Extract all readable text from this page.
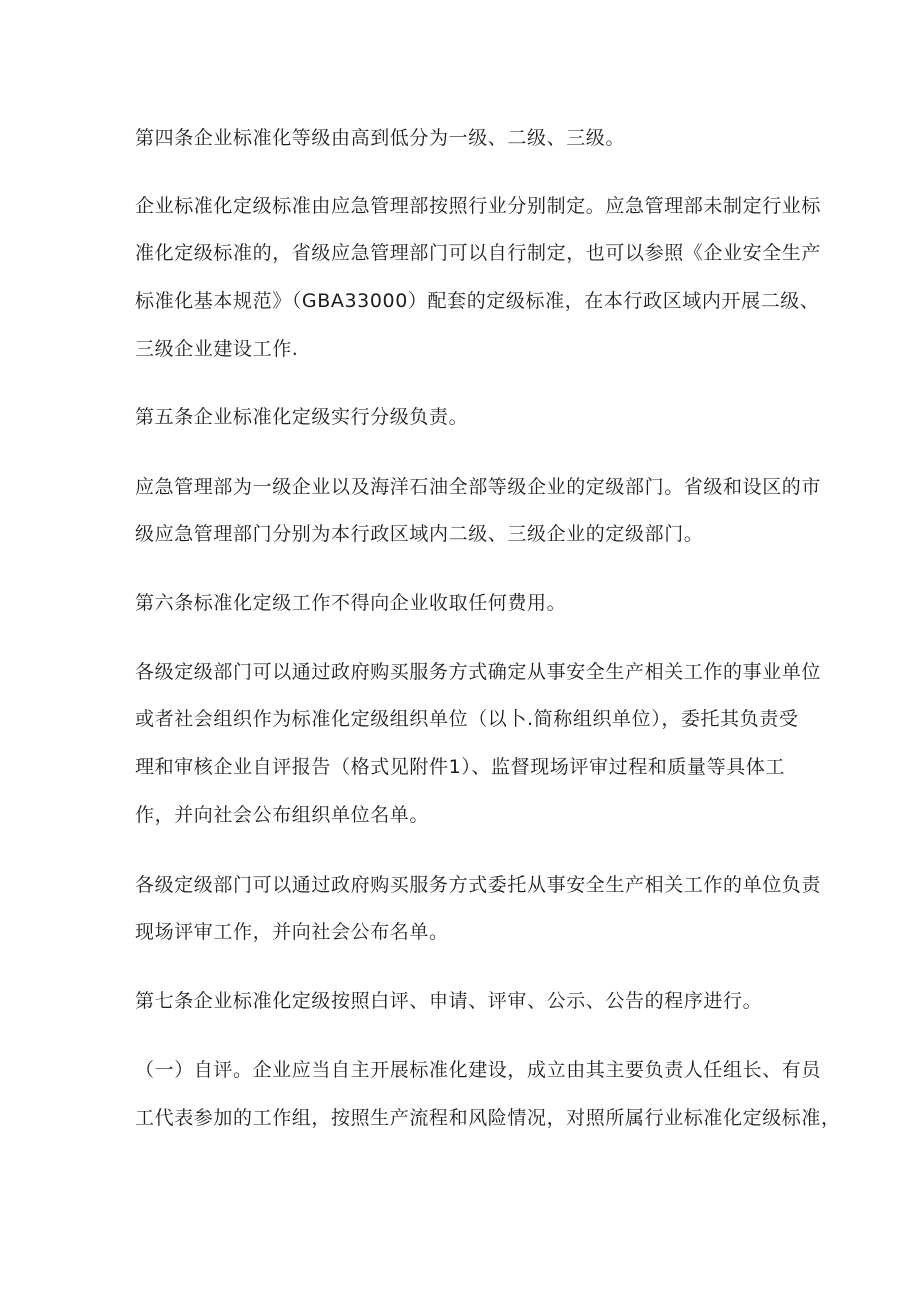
第四条企业标准化等级由高到低分为一级、二级、三级。
企业标准化定级标准由应急管理部按照行业分别制定。应急管理部未制定行业标
准化定级标准的，省级应急管理部门可以自行制定，也可以参照《企业安全生产
标准化基本规范》（GBA33000）配套的定级标准，在本行政区域内开展二级、
三级企业建设工作.
第五条企业标准化定级实行分级负责。
应急管理部为一级企业以及海洋石油全部等级企业的定级部门。省级和设区的市
级应急管理部门分别为本行政区域内二级、三级企业的定级部门。
第六条标准化定级工作不得向企业收取任何费用。
各级定级部门可以通过政府购买服务方式确定从事安全生产相关工作的事业单位
或者社会组织作为标准化定级组织单位（以卜.简称组织单位），委托其负责受
理和审核企业自评报告（格式见附件1）、监督现场评审过程和质量等具体工
作，并向社会公布组织单位名单。
各级定级部门可以通过政府购买服务方式委托从事安全生产相关工作的单位负责
现场评审工作，并向社会公布名单。
第七条企业标准化定级按照白评、申请、评审、公示、公告的程序进行。
（一）自评。企业应当自主开展标准化建设，成立由其主要负责人任组长、有员
工代表参加的工作组，按照生产流程和风险情况，对照所属行业标准化定级标准，
